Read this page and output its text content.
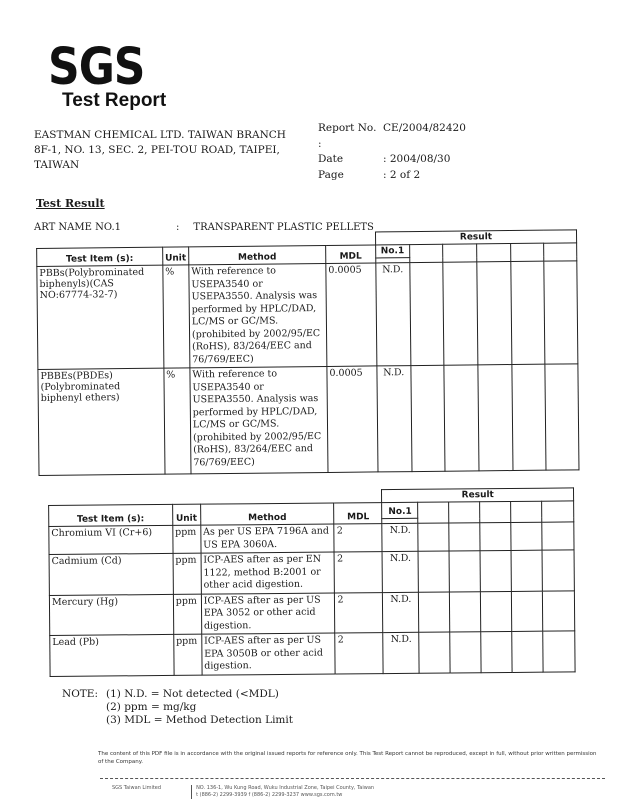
SGS
Test Report
EASTMAN CHEMICAL LTD. TAIWAN BRANCH
8F-1, NO. 13, SEC. 2, PEI-TOU ROAD, TAIPEI,
TAIWAN
Report No. :
CE/2004/82420
Date	: 2004/08/30
Page	: 2 of 2
Test Result
ART NAME NO.1	: TRANSPARENT PLASTIC PELLETS
				Result					
Test Item (s):	Unit	Method	MDL	No.1					

PBBs(Polybrominated biphenyls)(CAS NO:67774-32-7)	%	With reference to USEPA3540 or USEPA3550. Analysis was performed by HPLC/DAD, LC/MS or GC/MS. (prohibited by 2002/95/EC (RoHS), 83/264/EEC and 76/769/EEC)	0.0005	N.D.					
PBBEs(PBDEs)(Polybrominated biphenyl ethers)	%	With reference to USEPA3540 or USEPA3550. Analysis was performed by HPLC/DAD, LC/MS or GC/MS. (prohibited by 2002/95/EC (RoHS), 83/264/EEC and 76/769/EEC)	0.0005	N.D.					
				Result					
Test Item (s):	Unit	Method	MDL	No.1					

Chromium VI (Cr+6)	ppm	As per US EPA 7196A and US EPA 3060A.	2	N.D.					
Cadmium (Cd)	ppm	ICP-AES after as per EN 1122, method B:2001 or other acid digestion.	2	N.D.					
Mercury (Hg)	ppm	ICP-AES after as per US EPA 3052 or other acid digestion.	2	N.D.					
Lead (Pb)	ppm	ICP-AES after as per US EPA 3050B or other acid digestion.	2	N.D.					
NOTE: (1) N.D. = Not detected (<MDL)
(2) ppm = mg/kg
(3) MDL = Method Detection Limit
The content of this PDF file is in accordance with the original issued reports for reference only. This Test Report cannot be reproduced, except in full, without prior written permission of the Company.
SGS Taiwan Limited	NO. 136-1, Wu Kung Road, Wuku Industrial Zone, Taipei County, Taiwan
t (886-2) 2299-3939 f (886-2) 2299-3237 www.sgs.com.tw
